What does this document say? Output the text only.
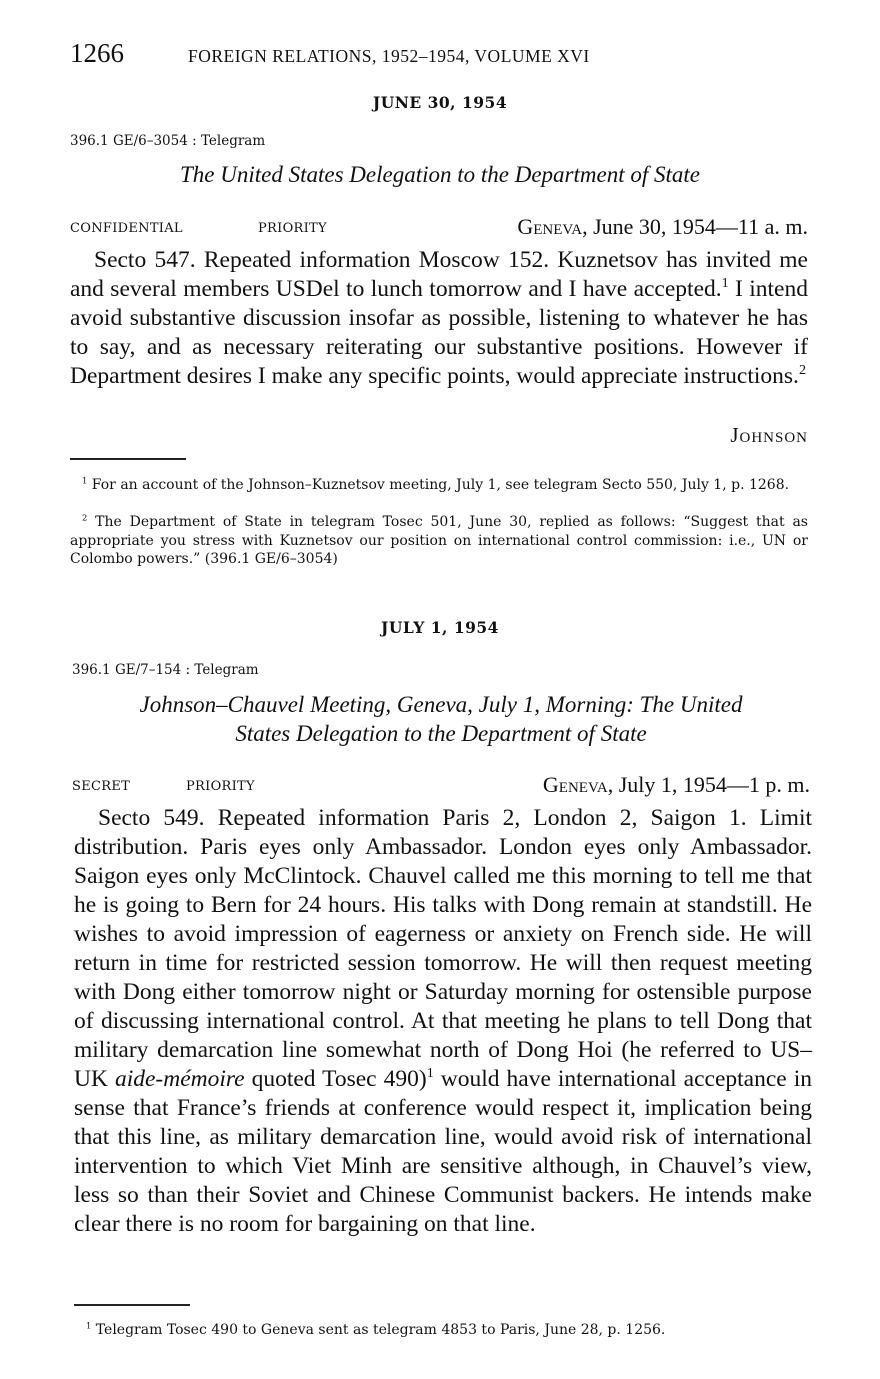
1266	FOREIGN RELATIONS, 1952–1954, VOLUME XVI
JUNE 30, 1954
396.1 GE/6–3054 : Telegram
The United States Delegation to the Department of State
CONFIDENTIAL	PRIORITY	Geneva, June 30, 1954—11 a. m.

Secto 547. Repeated information Moscow 152. Kuznetsov has invited me and several members USDel to lunch tomorrow and I have accepted.$^1$ I intend avoid substantive discussion insofar as possible, listening to whatever he has to say, and as necessary reiterating our substantive positions. However if Department desires I make any specific points, would appreciate instructions.$^2$

Johnson

$^1$ For an account of the Johnson–Kuznetsov meeting, July 1, see telegram Secto 550, July 1, p. 1268.

$^2$ The Department of State in telegram Tosec 501, June 30, replied as follows: “Suggest that as appropriate you stress with Kuznetsov our position on international control commission: i.e., UN or Colombo powers.” (396.1 GE/6–3054)

JULY 1, 1954
396.1 GE/7–154 : Telegram
Johnson–Chauvel Meeting, Geneva, July 1, Morning: The United
States Delegation to the Department of State
SECRET	PRIORITY	Geneva, July 1, 1954—1 p. m.

Secto 549. Repeated information Paris 2, London 2, Saigon 1. Limit distribution. Paris eyes only Ambassador. London eyes only Ambassador. Saigon eyes only McClintock. Chauvel called me this morning to tell me that he is going to Bern for 24 hours. His talks with Dong remain at standstill. He wishes to avoid impression of eagerness or anxiety on French side. He will return in time for restricted session tomorrow. He will then request meeting with Dong either tomorrow night or Saturday morning for ostensible purpose of discussing international control. At that meeting he plans to tell Dong that military demarcation line somewhat north of Dong Hoi (he referred to US–UK aide-mémoire quoted Tosec 490)$^1$ would have international acceptance in sense that France’s friends at conference would respect it, implication being that this line, as military demarcation line, would avoid risk of international intervention to which Viet Minh are sensitive although, in Chauvel’s view, less so than their Soviet and Chinese Communist backers. He intends make clear there is no room for bargaining on that line.

$^1$ Telegram Tosec 490 to Geneva sent as telegram 4853 to Paris, June 28, p. 1256.
